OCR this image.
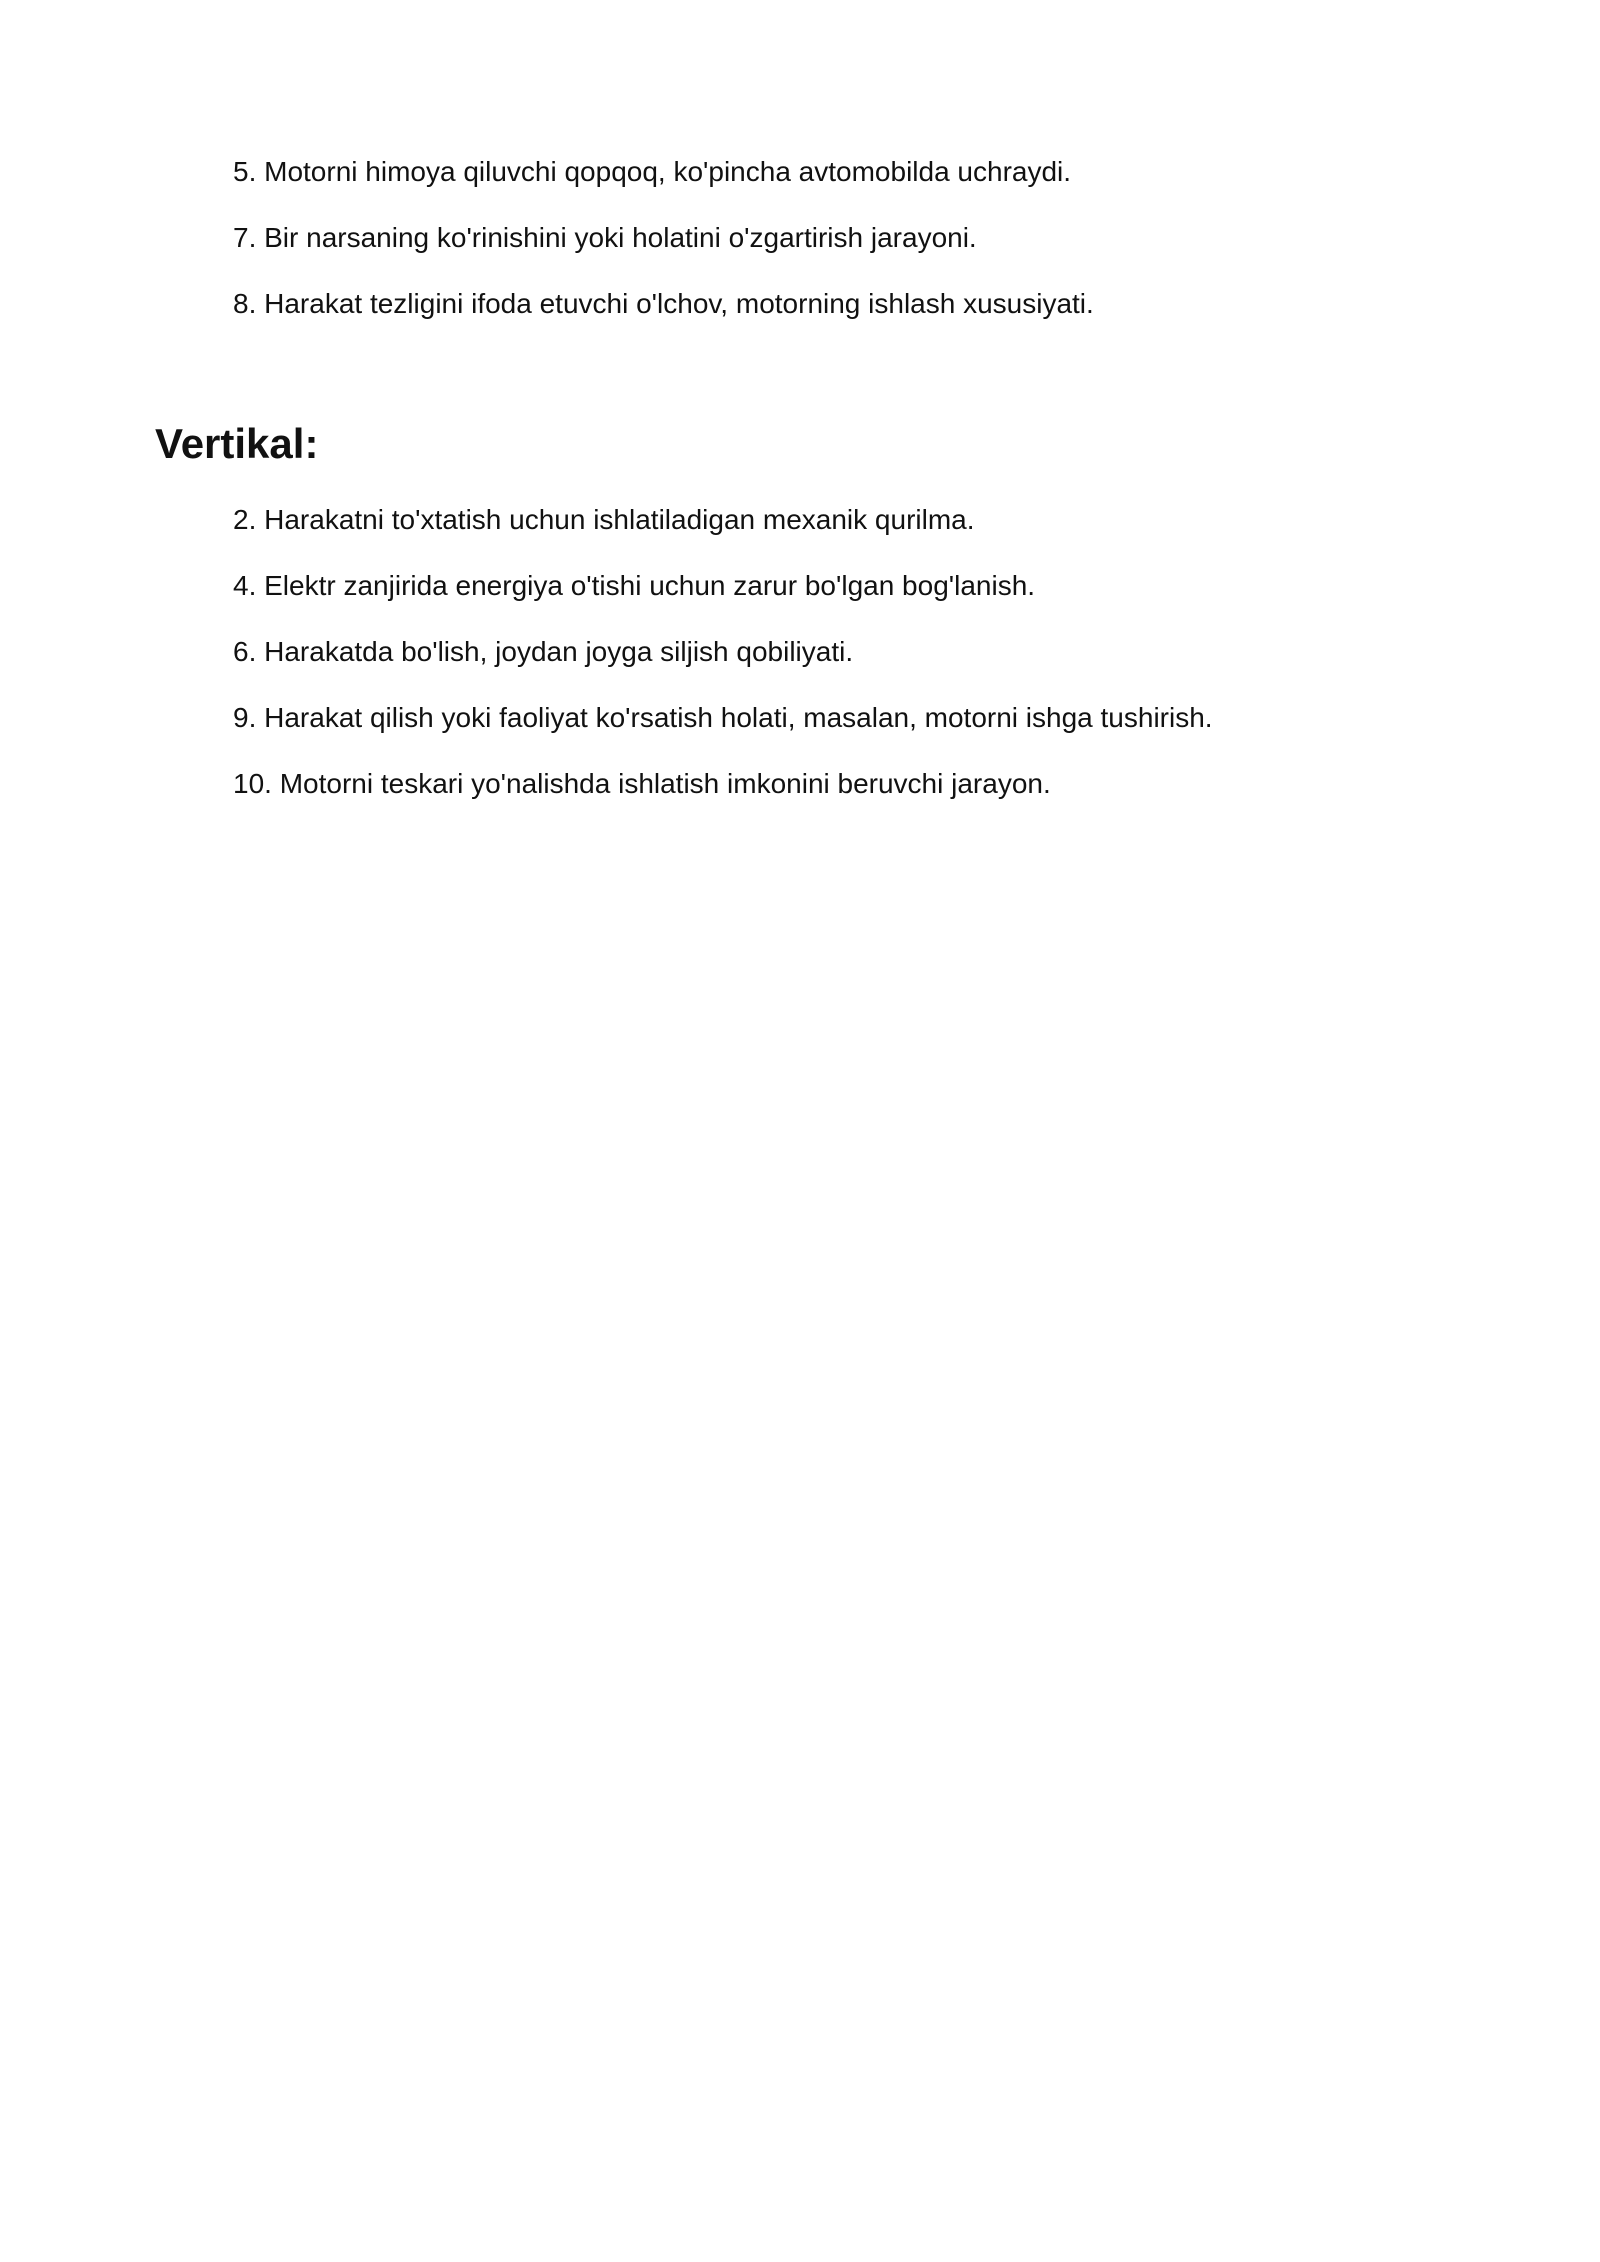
5. Motorni himoya qiluvchi qopqoq, ko'pincha avtomobilda uchraydi.
7. Bir narsaning ko'rinishini yoki holatini o'zgartirish jarayoni.
8. Harakat tezligini ifoda etuvchi o'lchov, motorning ishlash xususiyati.
Vertikal:
2. Harakatni to'xtatish uchun ishlatiladigan mexanik qurilma.
4. Elektr zanjirida energiya o'tishi uchun zarur bo'lgan bog'lanish.
6. Harakatda bo'lish, joydan joyga siljish qobiliyati.
9. Harakat qilish yoki faoliyat ko'rsatish holati, masalan, motorni ishga tushirish.
10. Motorni teskari yo'nalishda ishlatish imkonini beruvchi jarayon.
